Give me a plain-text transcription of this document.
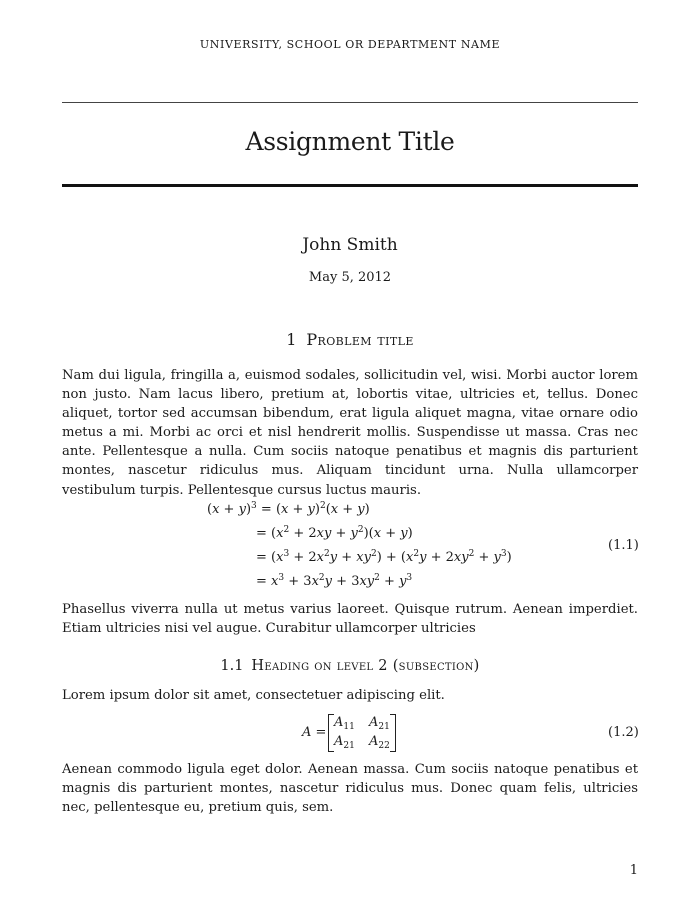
UNIVERSITY, SCHOOL OR DEPARTMENT NAME
Assignment Title
John Smith
May 5, 2012
1 Problem title

Nam dui ligula, fringilla a, euismod sodales, sollicitudin vel, wisi. Morbi auctor lorem non justo. Nam lacus libero, pretium at, lobortis vitae, ultricies et, tellus. Donec aliquet, tortor sed accumsan bibendum, erat ligula aliquet magna, vitae ornare odio metus a mi. Morbi ac orci et nisl hendrerit mollis. Suspendisse ut massa. Cras nec ante. Pellentesque a nulla. Cum sociis natoque penatibus et magnis dis parturient montes, nascetur ridiculus mus. Aliquam tincidunt urna. Nulla ullamcorper vestibulum turpis. Pellentesque cursus luctus mauris.

$(x + y)^3 = (x + y)^2(x + y)$
= $(x^2 + 2xy + y^2)(x + y)$
= $(x^3 + 2x^2y + xy^2) + (x^2y + 2xy^2 + y^3)$
= $x^3 + 3x^2y + 3xy^2 + y^3$
(1.1)

Phasellus viverra nulla ut metus varius laoreet. Quisque rutrum. Aenean imperdiet. Etiam ultricies nisi vel augue. Curabitur ullamcorper ultricies

1.1 Heading on level 2 (subsection)

Lorem ipsum dolor sit amet, consectetuer adipiscing elit.

A =
$A_{11}$ $A_{21}$
$A_{21}$ $A_{22}$
(1.2)

Aenean commodo ligula eget dolor. Aenean massa. Cum sociis natoque penatibus et magnis dis parturient montes, nascetur ridiculus mus. Donec quam felis, ultricies nec, pellentesque eu, pretium quis, sem.

1
